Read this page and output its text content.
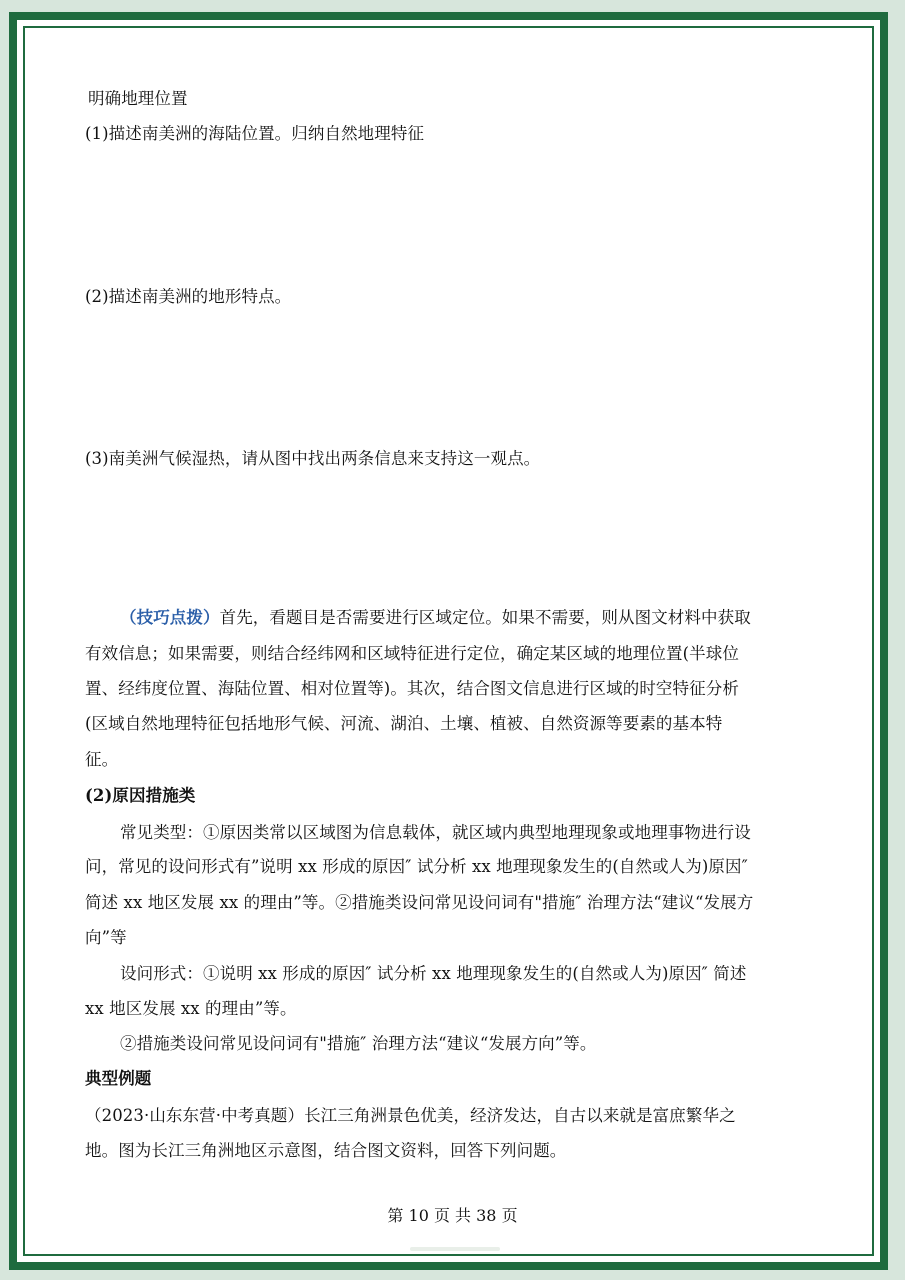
明确地理位置
(1)描述南美洲的海陆位置。归纳自然地理特征
(2)描述南美洲的地形特点。
(3)南美洲气候湿热，请从图中找出两条信息来支持这一观点。
（技巧点拨）首先，看题目是否需要进行区域定位。如果不需要，则从图文材料中获取
有效信息；如果需要，则结合经纬网和区域特征进行定位，确定某区域的地理位置(半球位
置、经纬度位置、海陆位置、相对位置等)。其次，结合图文信息进行区域的时空特征分析
(区域自然地理特征包括地形气候、河流、湖泊、土壤、植被、自然资源等要素的基本特
征。
(2)原因措施类
常见类型：①原因类常以区域图为信息载体，就区域内典型地理现象或地理事物进行设
问，常见的设问形式有”说明 xx 形成的原因″ 试分析 xx 地理现象发生的(自然或人为)原因″
简述 xx 地区发展 xx 的理由”等。②措施类设问常见设问词有"措施″ 治理方法“建议“发展方
向”等
设问形式：①说明 xx 形成的原因″ 试分析 xx 地理现象发生的(自然或人为)原因″ 简述
xx 地区发展 xx 的理由”等。
②措施类设问常见设问词有"措施″ 治理方法“建议“发展方向”等。
典型例题
（2023·山东东营·中考真题）长江三角洲景色优美，经济发达，自古以来就是富庶繁华之
地。图为长江三角洲地区示意图，结合图文资料，回答下列问题。
第 10 页 共 38 页
